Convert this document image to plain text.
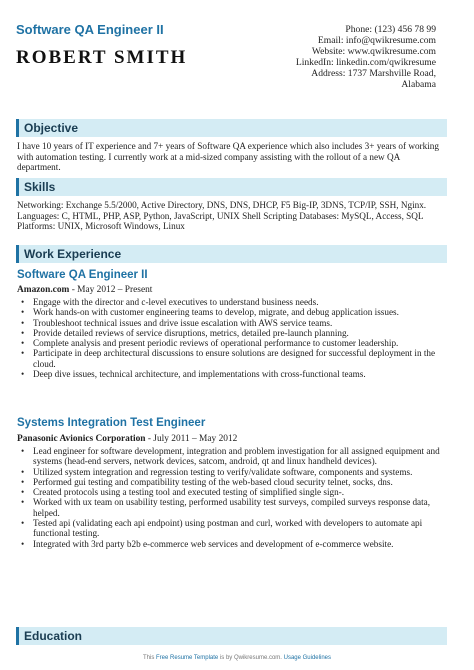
Software QA Engineer II
ROBERT SMITH
Phone: (123) 456 78 99
Email: info@qwikresume.com
Website: www.qwikresume.com
LinkedIn: linkedin.com/qwikresume
Address: 1737 Marshville Road,
Alabama
Objective
I have 10 years of IT experience and 7+ years of Software QA experience which also includes 3+ years of working with automation testing. I currently work at a mid-sized company assisting with the rollout of a new QA department.
Skills
Networking: Exchange 5.5/2000, Active Directory, DNS, DNS, DHCP, F5 Big-IP, 3DNS, TCP/IP, SSH, Nginx. Languages: C, HTML, PHP, ASP, Python, JavaScript, UNIX Shell Scripting Databases: MySQL, Access, SQL Platforms: UNIX, Microsoft Windows, Linux
Work Experience
Software QA Engineer II
Amazon.com - May 2012 – Present
• Engage with the director and c-level executives to understand business needs.
• Work hands-on with customer engineering teams to develop, migrate, and debug application issues.
• Troubleshoot technical issues and drive issue escalation with AWS service teams.
• Provide detailed reviews of service disruptions, metrics, detailed pre-launch planning.
• Complete analysis and present periodic reviews of operational performance to customer leadership.
• Participate in deep architectural discussions to ensure solutions are designed for successful deployment in the cloud.
• Deep dive issues, technical architecture, and implementations with cross-functional teams.
Systems Integration Test Engineer
Panasonic Avionics Corporation - July 2011 – May 2012
• Lead engineer for software development, integration and problem investigation for all assigned equipment and systems (head-end servers, network devices, satcom, android, qt and linux handheld devices).
• Utilized system integration and regression testing to verify/validate software, components and systems.
• Performed gui testing and compatibility testing of the web-based cloud security telnet, socks, dns.
• Created protocols using a testing tool and executed testing of simplified single sign-.
• Worked with ux team on usability testing, performed usability test surveys, compiled surveys response data, helped.
• Tested api (validating each api endpoint) using postman and curl, worked with developers to automate api functional testing.
• Integrated with 3rd party b2b e-commerce web services and development of e-commerce website.
Education
This Free Resume Template is by Qwikresume.com. Usage Guidelines
